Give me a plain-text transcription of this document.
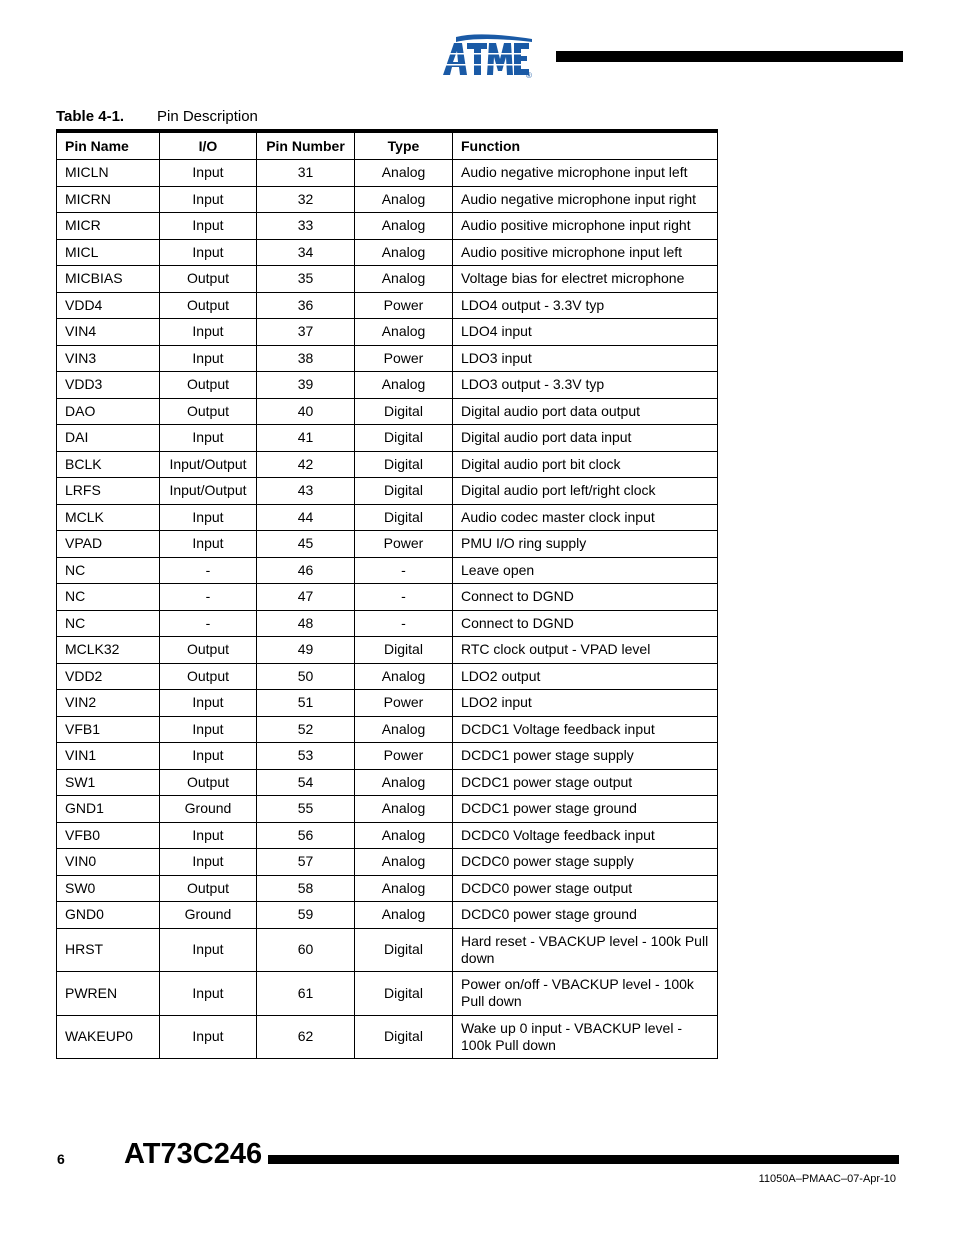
®
Table 4-1. Pin Description
Pin Name	I/O	Pin Number	Type	Function
MICLN	Input	31	Analog	Audio negative microphone input left
MICRN	Input	32	Analog	Audio negative microphone input right
MICR	Input	33	Analog	Audio positive microphone input right
MICL	Input	34	Analog	Audio positive microphone input left
MICBIAS	Output	35	Analog	Voltage bias for electret microphone
VDD4	Output	36	Power	LDO4 output - 3.3V typ
VIN4	Input	37	Analog	LDO4 input
VIN3	Input	38	Power	LDO3 input
VDD3	Output	39	Analog	LDO3 output - 3.3V typ
DAO	Output	40	Digital	Digital audio port data output
DAI	Input	41	Digital	Digital audio port data input
BCLK	Input/Output	42	Digital	Digital audio port bit clock
LRFS	Input/Output	43	Digital	Digital audio port left/right clock
MCLK	Input	44	Digital	Audio codec master clock input
VPAD	Input	45	Power	PMU I/O ring supply
NC	-	46	-	Leave open
NC	-	47	-	Connect to DGND
NC	-	48	-	Connect to DGND
MCLK32	Output	49	Digital	RTC clock output - VPAD level
VDD2	Output	50	Analog	LDO2 output
VIN2	Input	51	Power	LDO2 input
VFB1	Input	52	Analog	DCDC1 Voltage feedback input
VIN1	Input	53	Power	DCDC1 power stage supply
SW1	Output	54	Analog	DCDC1 power stage output
GND1	Ground	55	Analog	DCDC1 power stage ground
VFB0	Input	56	Analog	DCDC0 Voltage feedback input
VIN0	Input	57	Analog	DCDC0 power stage supply
SW0	Output	58	Analog	DCDC0 power stage output
GND0	Ground	59	Analog	DCDC0 power stage ground
HRST	Input	60	Digital	Hard reset - VBACKUP level - 100k Pull down
PWREN	Input	61	Digital	Power on/off - VBACKUP level - 100k Pull down
WAKEUP0	Input	62	Digital	Wake up 0 input - VBACKUP level - 100k Pull down
6 AT73C246
11050A–PMAAC–07-Apr-10
